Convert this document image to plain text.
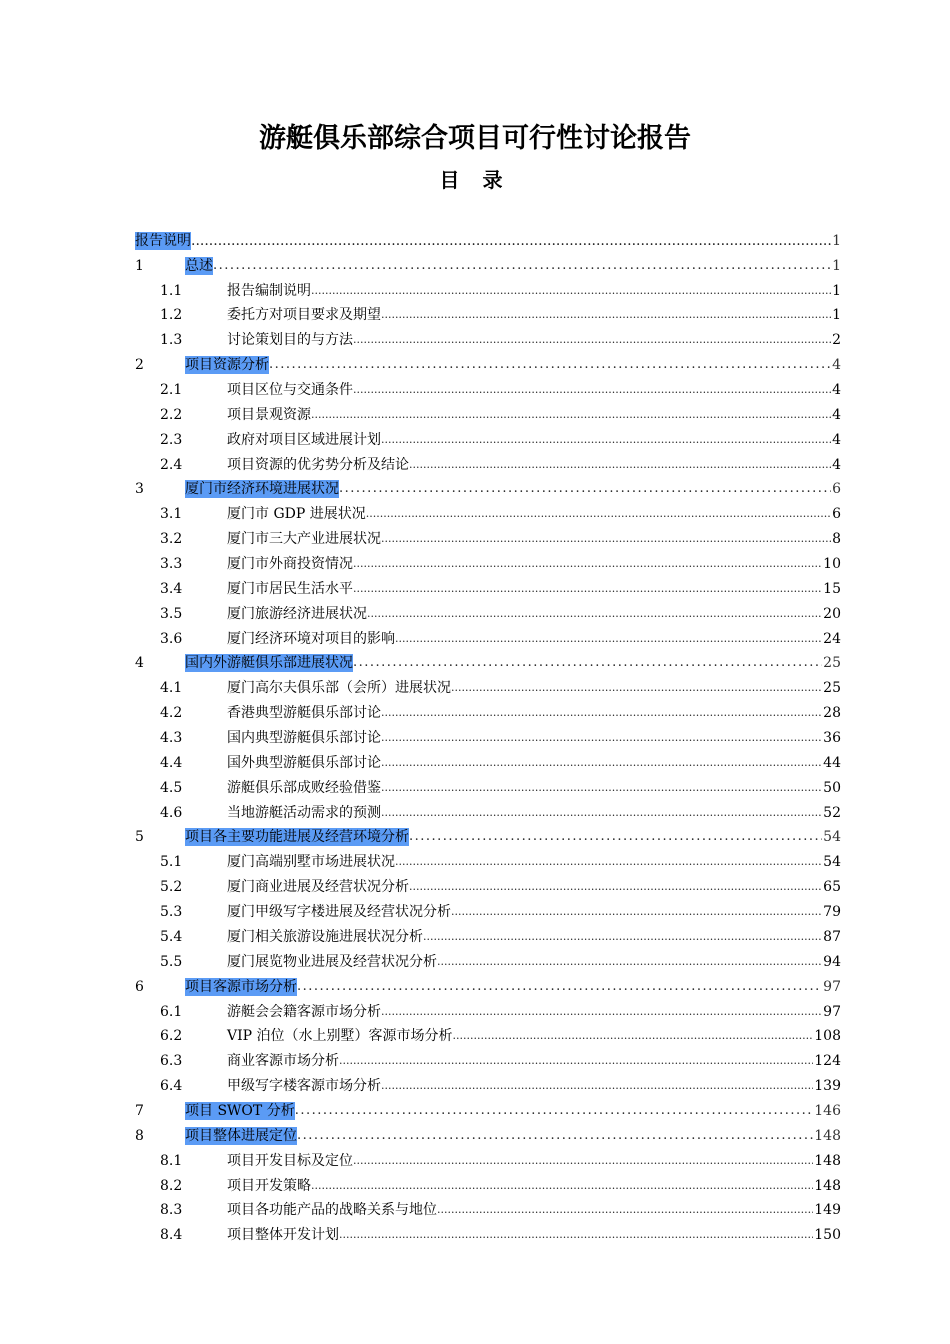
游艇俱乐部综合项目可行性讨论报告
目 录
报告说明 .....	1
1	总述 .....	1
1.1	报告编制说明 .....	1
1.2	委托方对项目要求及期望 .....	1
1.3	讨论策划目的与方法 .....	2
2	项目资源分析 .....	4
2.1	项目区位与交通条件 .....	4
2.2	项目景观资源 .....	4
2.3	政府对项目区域进展计划 .....	4
2.4	项目资源的优劣势分析及结论 .....	4
3	厦门市经济环境进展状况 .....	6
3.1	厦门市 GDP 进展状况 .....	6
3.2	厦门市三大产业进展状况 .....	8
3.3	厦门市外商投资情况 .....	10
3.4	厦门市居民生活水平 .....	15
3.5	厦门旅游经济进展状况 .....	20
3.6	厦门经济环境对项目的影响 .....	24
4	国内外游艇俱乐部进展状况 .....	25
4.1	厦门高尔夫俱乐部（会所）进展状况 .....	25
4.2	香港典型游艇俱乐部讨论 .....	28
4.3	国内典型游艇俱乐部讨论 .....	36
4.4	国外典型游艇俱乐部讨论 .....	44
4.5	游艇俱乐部成败经验借鉴 .....	50
4.6	当地游艇活动需求的预测 .....	52
5	项目各主要功能进展及经营环境分析 .....	54
5.1	厦门高端别墅市场进展状况 .....	54
5.2	厦门商业进展及经营状况分析 .....	65
5.3	厦门甲级写字楼进展及经营状况分析 .....	79
5.4	厦门相关旅游设施进展状况分析 .....	87
5.5	厦门展览物业进展及经营状况分析 .....	94
6	项目客源市场分析 .....	97
6.1	游艇会会籍客源市场分析 .....	97
6.2	VIP 泊位（水上别墅）客源市场分析 .....	108
6.3	商业客源市场分析 .....	124
6.4	甲级写字楼客源市场分析 .....	139
7	项目 SWOT 分析 .....	146
8	项目整体进展定位 .....	148
8.1	项目开发目标及定位 .....	148
8.2	项目开发策略 .....	148
8.3	项目各功能产品的战略关系与地位 .....	149
8.4	项目整体开发计划 .....	150
